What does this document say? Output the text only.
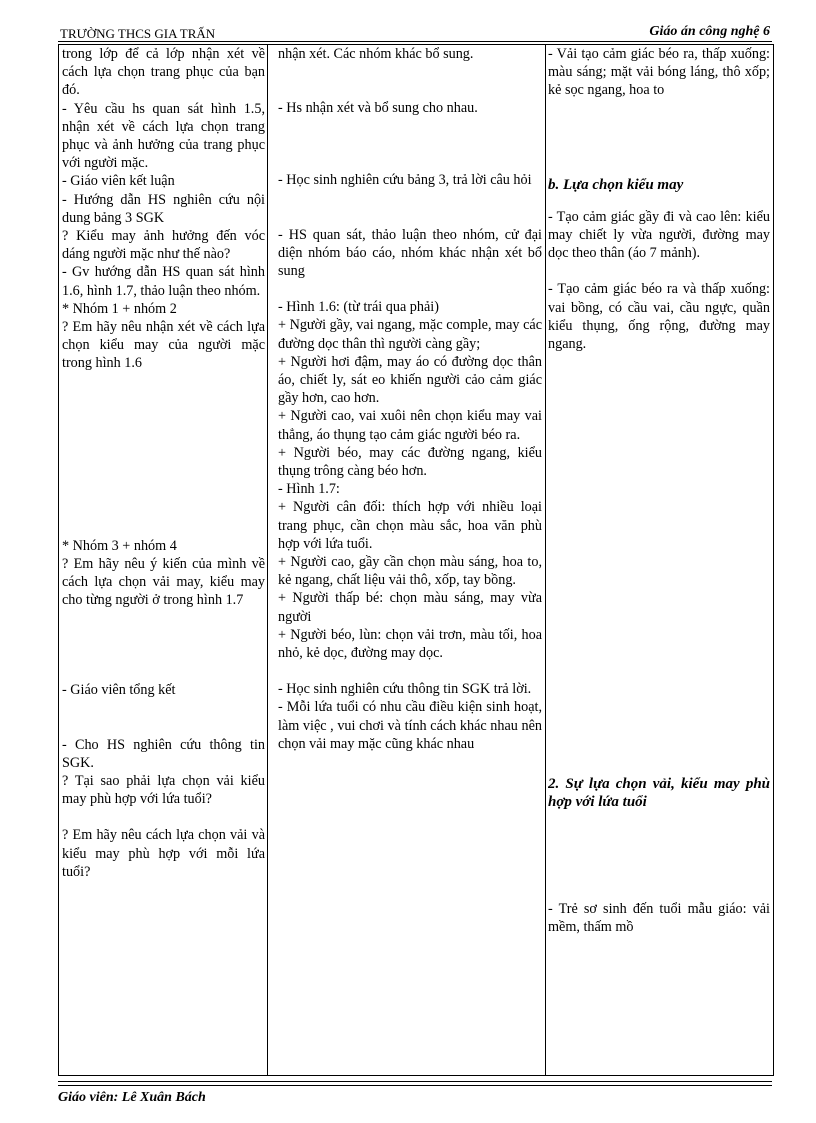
TRƯỜNG THCS GIA TRẤN	Giáo án công nghệ 6

trong lớp để cả lớp nhận xét về cách lựa chọn trang phục của bạn đó.

- Yêu cầu hs quan sát hình 1.5, nhận xét về cách lựa chọn trang phục và ảnh hưởng của trang phục với người mặc.

- Giáo viên kết luận

- Hướng dẫn HS nghiên cứu nội dung bảng 3 SGK

? Kiểu may ảnh hưởng đến vóc dáng người mặc như thế nào?

- Gv hướng dẫn HS quan sát hình 1.6, hình 1.7, thảo luận theo nhóm.

* Nhóm 1 + nhóm 2

? Em hãy nêu nhận xét về cách lựa chọn kiểu may của người mặc trong hình 1.6

* Nhóm 3 + nhóm 4

? Em hãy nêu ý kiến của mình về cách lựa chọn vải may, kiểu may cho từng người ở trong hình 1.7

- Giáo viên tổng kết

- Cho HS nghiên cứu thông tin SGK.

? Tại sao phải lựa chọn vải kiểu may phù hợp với lứa tuổi?

? Em hãy nêu cách lựa chọn vải và kiểu may phù hợp với mỗi lứa tuổi?

nhận xét. Các nhóm khác bổ sung.

- Hs nhận xét và bổ sung cho nhau.

- Học sinh nghiên cứu bảng 3, trả lời câu hỏi

- HS quan sát, thảo luận theo nhóm, cử đại diện nhóm báo cáo, nhóm khác nhận xét bổ sung

- Hình 1.6: (từ trái qua phải)

+ Người gầy, vai ngang, mặc comple, may các đường dọc thân thì người càng gầy;

+ Người hơi đậm, may áo có đường dọc thân áo, chiết ly, sát eo khiến người cảo cảm giác gầy hơn, cao hơn.

+ Người cao, vai xuôi nên chọn kiểu may vai thẳng, áo thụng tạo cảm giác người béo ra.

+ Người béo, may các đường ngang, kiểu thụng trông càng béo hơn.

- Hình 1.7:

+ Người cân đối: thích hợp với nhiều loại trang phục, cần chọn màu sắc, hoa văn phù hợp với lứa tuổi.

+ Người cao, gầy cần chọn màu sáng, hoa to, kẻ ngang, chất liệu vải thô, xốp, tay bồng.

+ Người thấp bé: chọn màu sáng, may vừa người

+ Người béo, lùn: chọn vải trơn, màu tối, hoa nhỏ, kẻ dọc, đường may dọc.

- Học sinh nghiên cứu thông tin SGK trả lời.

- Mỗi lứa tuổi có nhu cầu điều kiện sinh hoạt, làm việc , vui chơi và tính cách khác nhau nên chọn vải may mặc cũng khác nhau

- Vải tạo cảm giác béo ra, thấp xuống: màu sáng; mặt vải bóng láng, thô xốp; kẻ sọc ngang, hoa to

b. Lựa chọn kiểu may

- Tạo cảm giác gầy đi và cao lên: kiểu may chiết ly vừa người, đường may dọc theo thân (áo 7 mảnh).

- Tạo cảm giác béo ra và thấp xuống: vai bồng, có cầu vai, cầu ngực, quần kiểu thụng, ống rộng, đường may ngang.

2. Sự lựa chọn vải, kiểu may phù hợp với lứa tuổi

- Trẻ sơ sinh đến tuổi mẫu giáo: vải mềm, thấm mồ

Giáo viên: Lê Xuân Bách
